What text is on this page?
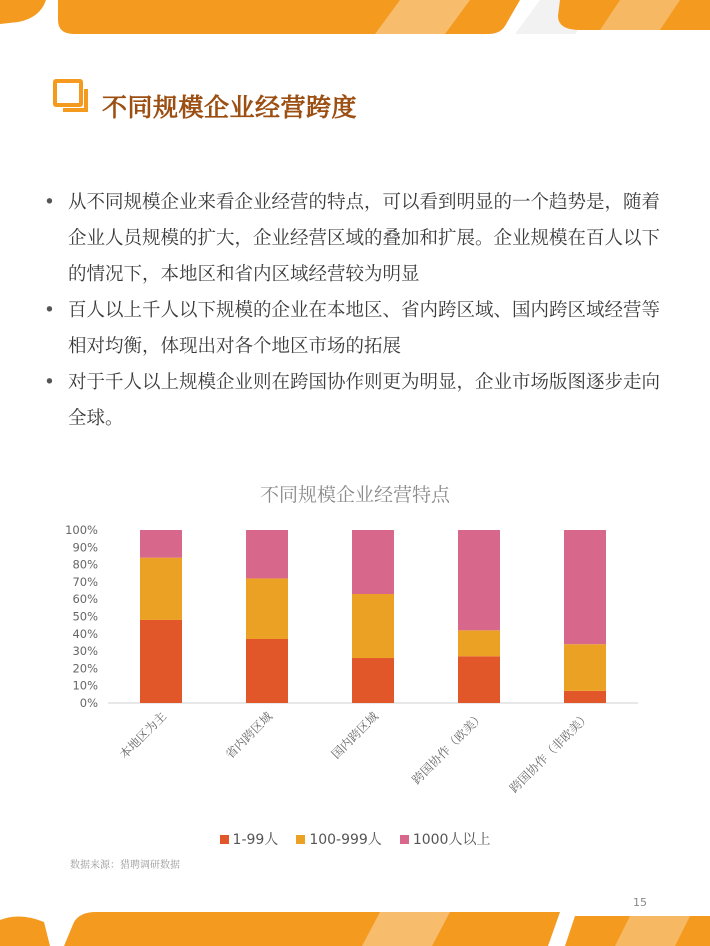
不同规模企业经营跨度
• 从不同规模企业来看企业经营的特点，可以看到明显的一个趋势是，随着企业人员规模的扩大，企业经营区域的叠加和扩展。企业规模在百人以下的情况下，本地区和省内区域经营较为明显
• 百人以上千人以下规模的企业在本地区、省内跨区域、国内跨区域经营等相对均衡，体现出对各个地区市场的拓展
• 对于千人以上规模企业则在跨国协作则更为明显，企业市场版图逐步走向全球。
不同规模企业经营特点
0%
10%
20%
30%
40%
50%
60%
70%
80%
90%
100%
本地区为主	省内跨区域	国内跨区域 跨国协作（欧美） 跨国协作（非欧美）
1-99人 100-999人 1000人以上
数据来源：猎聘调研数据
15
